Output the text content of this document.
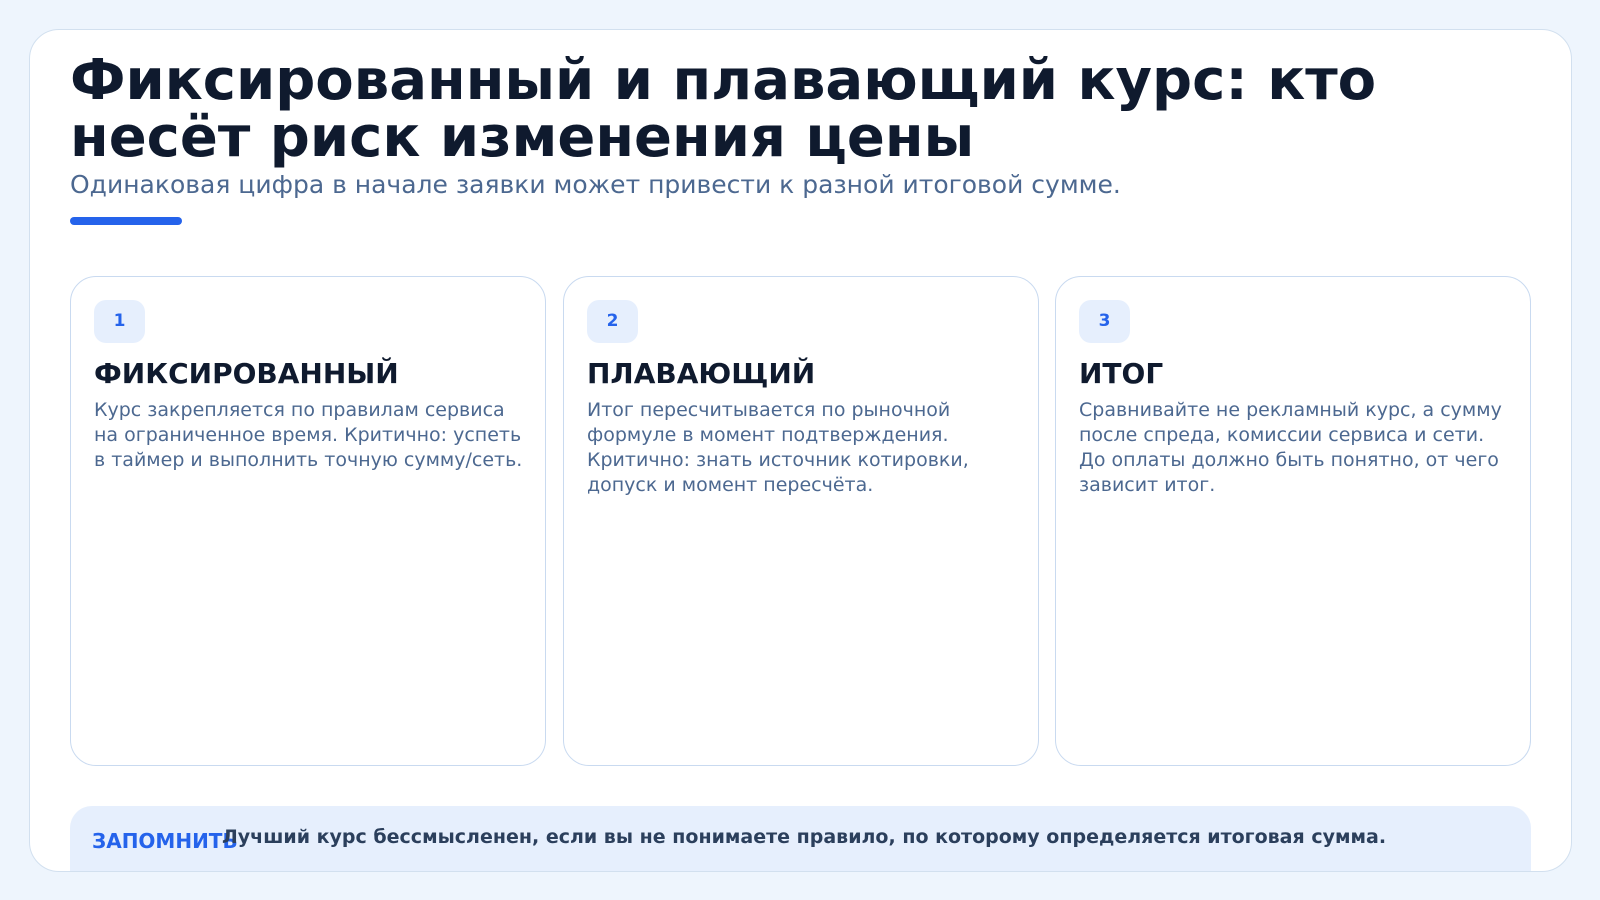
Фиксированный и плавающий курс: кто несёт риск изменения цены

Одинаковая цифра в начале заявки может привести к разной итоговой сумме.

1
ФИКСИРОВАННЫЙ
Курс закрепляется по правилам сервиса на ограниченное время. Критично: успеть в таймер и выполнить точную сумму/сеть.
2
ПЛАВАЮЩИЙ
Итог пересчитывается по рыночной формуле в момент подтверждения. Критично: знать источник котировки, допуск и момент пересчёта.
3
ИТОГ
Сравнивайте не рекламный курс, а сумму после спреда, комиссии сервиса и сети. До оплаты должно быть понятно, от чего зависит итог.
ЗАПОМНИТЬ
Лучший курс бессмысленен, если вы не понимаете правило, по которому определяется итоговая сумма.
